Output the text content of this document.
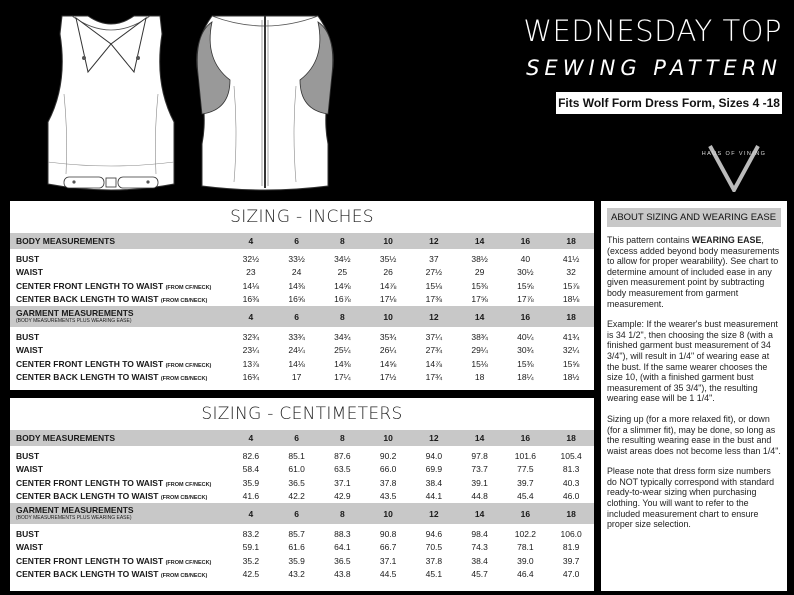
WEDNESDAY TOP
SEWING PATTERN
Fits Wolf Form Dress Form, Sizes 4 -18
HAUS OF VINING
SIZING - INCHES
BODY MEASUREMENTS	4	6	8	10	12	14	16	18

BUST	32½	33½	34½	35½	37	38½	40	41½
WAIST	23	24	25	26	27½	29	30½	32
CENTER FRONT LENGTH TO WAIST (FROM CF/NECK)	14⅛	14⅜	14⅝	14⅞	15⅛	15⅜	15⅝	15⅞
CENTER BACK LENGTH TO WAIST (FROM CB/NECK)	16⅜	16⅝	16⅞	17⅛	17⅜	17⅝	17⅞	18⅛

GARMENT MEASUREMENTS
(BODY MEASUREMENTS PLUS WEARING EASE)	4	6	8	10	12	14	16	18

BUST	32¾	33¾	34¾	35¾	37¼	38¾	40¼	41¾
WAIST	23¼	24¼	25¼	26¼	27¾	29¼	30¾	32¼
CENTER FRONT LENGTH TO WAIST (FROM CF/NECK)	13⅞	14⅛	14⅜	14⅝	14⅞	15⅛	15⅜	15⅝
CENTER BACK LENGTH TO WAIST (FROM CB/NECK)	16¾	17	17¼	17½	17¾	18	18¼	18½
SIZING - CENTIMETERS
BODY MEASUREMENTS	4	6	8	10	12	14	16	18

BUST	82.6	85.1	87.6	90.2	94.0	97.8	101.6	105.4
WAIST	58.4	61.0	63.5	66.0	69.9	73.7	77.5	81.3
CENTER FRONT LENGTH TO WAIST (FROM CF/NECK)	35.9	36.5	37.1	37.8	38.4	39.1	39.7	40.3
CENTER BACK LENGTH TO WAIST (FROM CB/NECK)	41.6	42.2	42.9	43.5	44.1	44.8	45.4	46.0

GARMENT MEASUREMENTS
(BODY MEASUREMENTS PLUS WEARING EASE)	4	6	8	10	12	14	16	18

BUST	83.2	85.7	88.3	90.8	94.6	98.4	102.2	106.0
WAIST	59.1	61.6	64.1	66.7	70.5	74.3	78.1	81.9
CENTER FRONT LENGTH TO WAIST (FROM CF/NECK)	35.2	35.9	36.5	37.1	37.8	38.4	39.0	39.7
CENTER BACK LENGTH TO WAIST (FROM CB/NECK)	42.5	43.2	43.8	44.5	45.1	45.7	46.4	47.0
ABOUT SIZING AND WEARING EASE

This pattern contains WEARING EASE, (excess added beyond body measurements to allow for proper wearability). See chart to determine amount of included ease in any given measurement point by subtracting body measurement from garment measurement.

Example: If the wearer's bust measurement is 34 1/2", then choosing the size 8 (with a finished garment bust measurement of 34 3/4"), will result in 1/4" of wearing ease at the bust. If the same wearer chooses the size 10, (with a finished garment bust measurement of 35 3/4"), the resulting wearing ease will be 1 1/4".

Sizing up (for a more relaxed fit), or down (for a slimmer fit), may be done, so long as the resulting wearing ease in the bust and waist areas does not become less than 1/4".

Please note that dress form size numbers do NOT typically correspond with standard ready-to-wear sizing when purchasing clothing. You will want to refer to the included measurement chart to ensure proper size selection.
